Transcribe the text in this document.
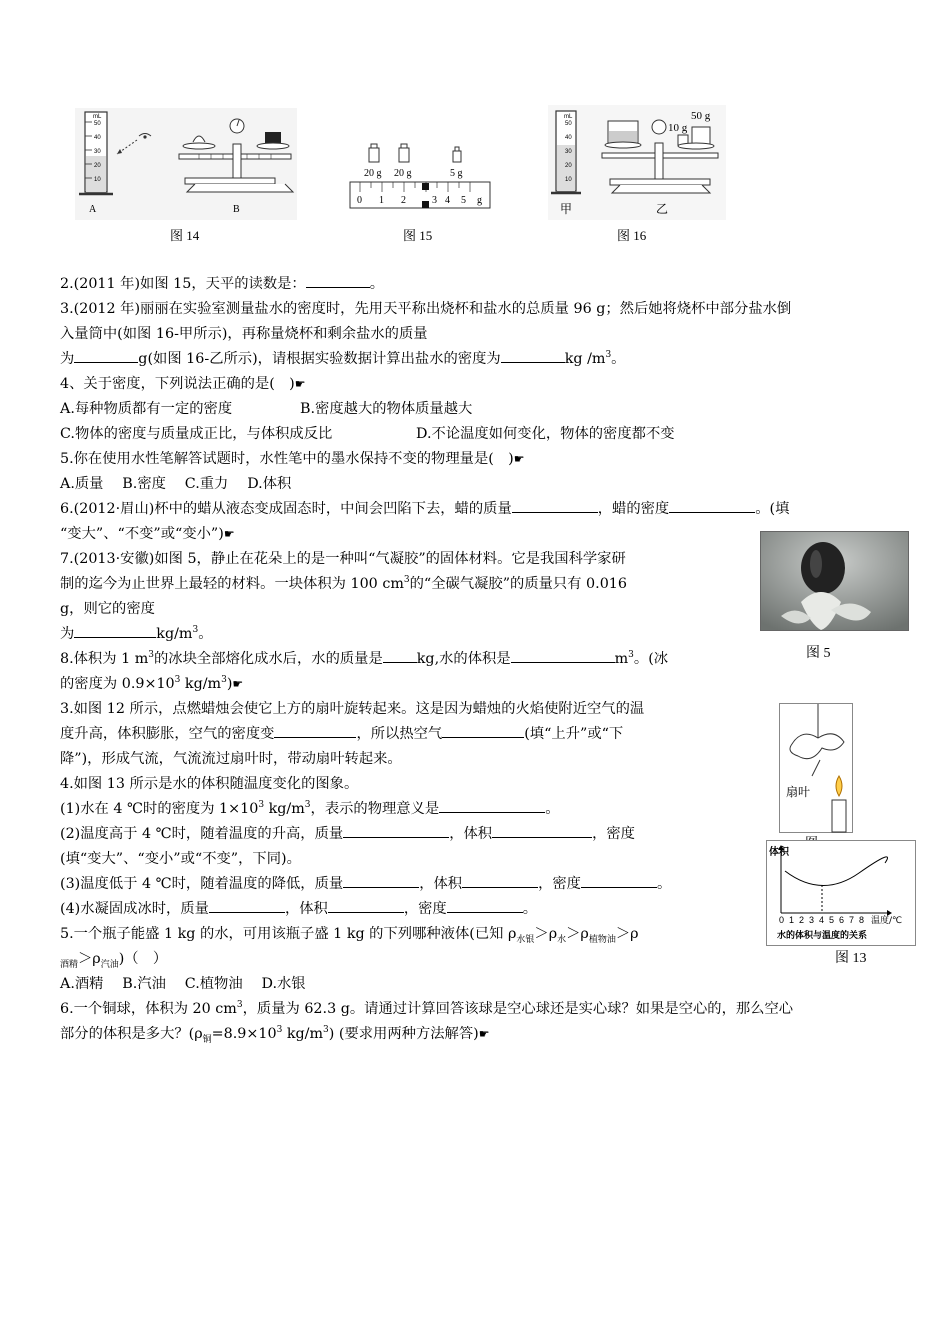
mL
50
40
30
20
10
A	B
图 14
20 g 20 g	5 g
0 1 2	3 4 5 g
图 15
mL
50
40
30
20
10
50 g
10 g
甲	乙
图 16
图 5
扇叶
体积
0 1 2 3 4 5 6 7 8 温度/℃
水的体积与温度的关系
图 13
2.(2011 年)如图 15，天平的读数是：	。
3.(2012 年)丽丽在实验室测量盐水的密度时，先用天平称出烧杯和盐水的总质量 96 g；然后她将烧杯中部分盐水倒
入量筒中(如图 16-甲所示)，再称量烧杯和剩余盐水的质量
为	g(如图 16-乙所示)，请根据实验数据计算出盐水的密度为	kg $/m^3$。
4、关于密度，下列说法正确的是(　)☛
A.每种物质都有一定的密度	B.密度越大的物体质量越大
C.物体的密度与质量成正比，与体积成反比	D.不论温度如何变化，物体的密度都不变
5.你在使用水性笔解答试题时，水性笔中的墨水保持不变的物理量是(　)☛
A.质量　 B.密度　 C.重力　 D.体积
6.(2012·眉山)杯中的蜡从液态变成固态时，中间会凹陷下去，蜡的质量	，蜡的密度	。(填
“变大”、“不变”或“变小”)☛
7.(2013·安徽)如图 5，静止在花朵上的是一种叫“气凝胶”的固体材料。它是我国科学家研
制的迄今为止世界上最轻的材料。一块体积为 100 $cm^3$的“全碳气凝胶”的质量只有 0.016
g，则它的密度
为	$kg/m^3$。
8.体积为 1 $m^3$的冰块全部熔化成水后，水的质量是 kg,水的体积是	$m^3$。(冰
的密度为 $0.9\times 10^3$ $kg/m^3)☛$
3.如图 12 所示，点燃蜡烛会使它上方的扇叶旋转起来。这是因为蜡烛的火焰使附近空气的温
度升高，体积膨胀，空气的密度变	，所以热空气	(填“上升”或“下
降”)，形成气流，气流流过扇叶时，带动扇叶转起来。
4.如图 13 所示是水的体积随温度变化的图象。
(1)水在 4 ℃时的密度为 $1\times 10^3$ $kg/m^3$，表示的物理意义是	。
(2)温度高于 4 ℃时，随着温度的升高，质量	，体积	，密度
(填“变大”、“变小”或“不变”，下同)。
(3)温度低于 4 ℃时，随着温度的降低，质量	，体积	，密度	。
(4)水凝固成冰时，质量	，体积	，密度	。
5.一个瓶子能盛 1 kg 的水，可用该瓶子盛 1 kg 的下列哪种液体(已知 $\rho_{水银}>\rho_水>\rho_{植物油}>\rho$
$_{酒精}>\rho_{汽油}$)（　）
A.酒精　 B.汽油　 C.植物油　 D.水银
6.一个铜球，体积为 20 $cm^3$，质量为 62.3 g。请通过计算回答该球是空心球还是实心球？如果是空心的，那么空心
部分的体积是多大？($\rho_铜=8.9\times 10^3$ $kg/m^3$) (要求用两种方法解答)☛
